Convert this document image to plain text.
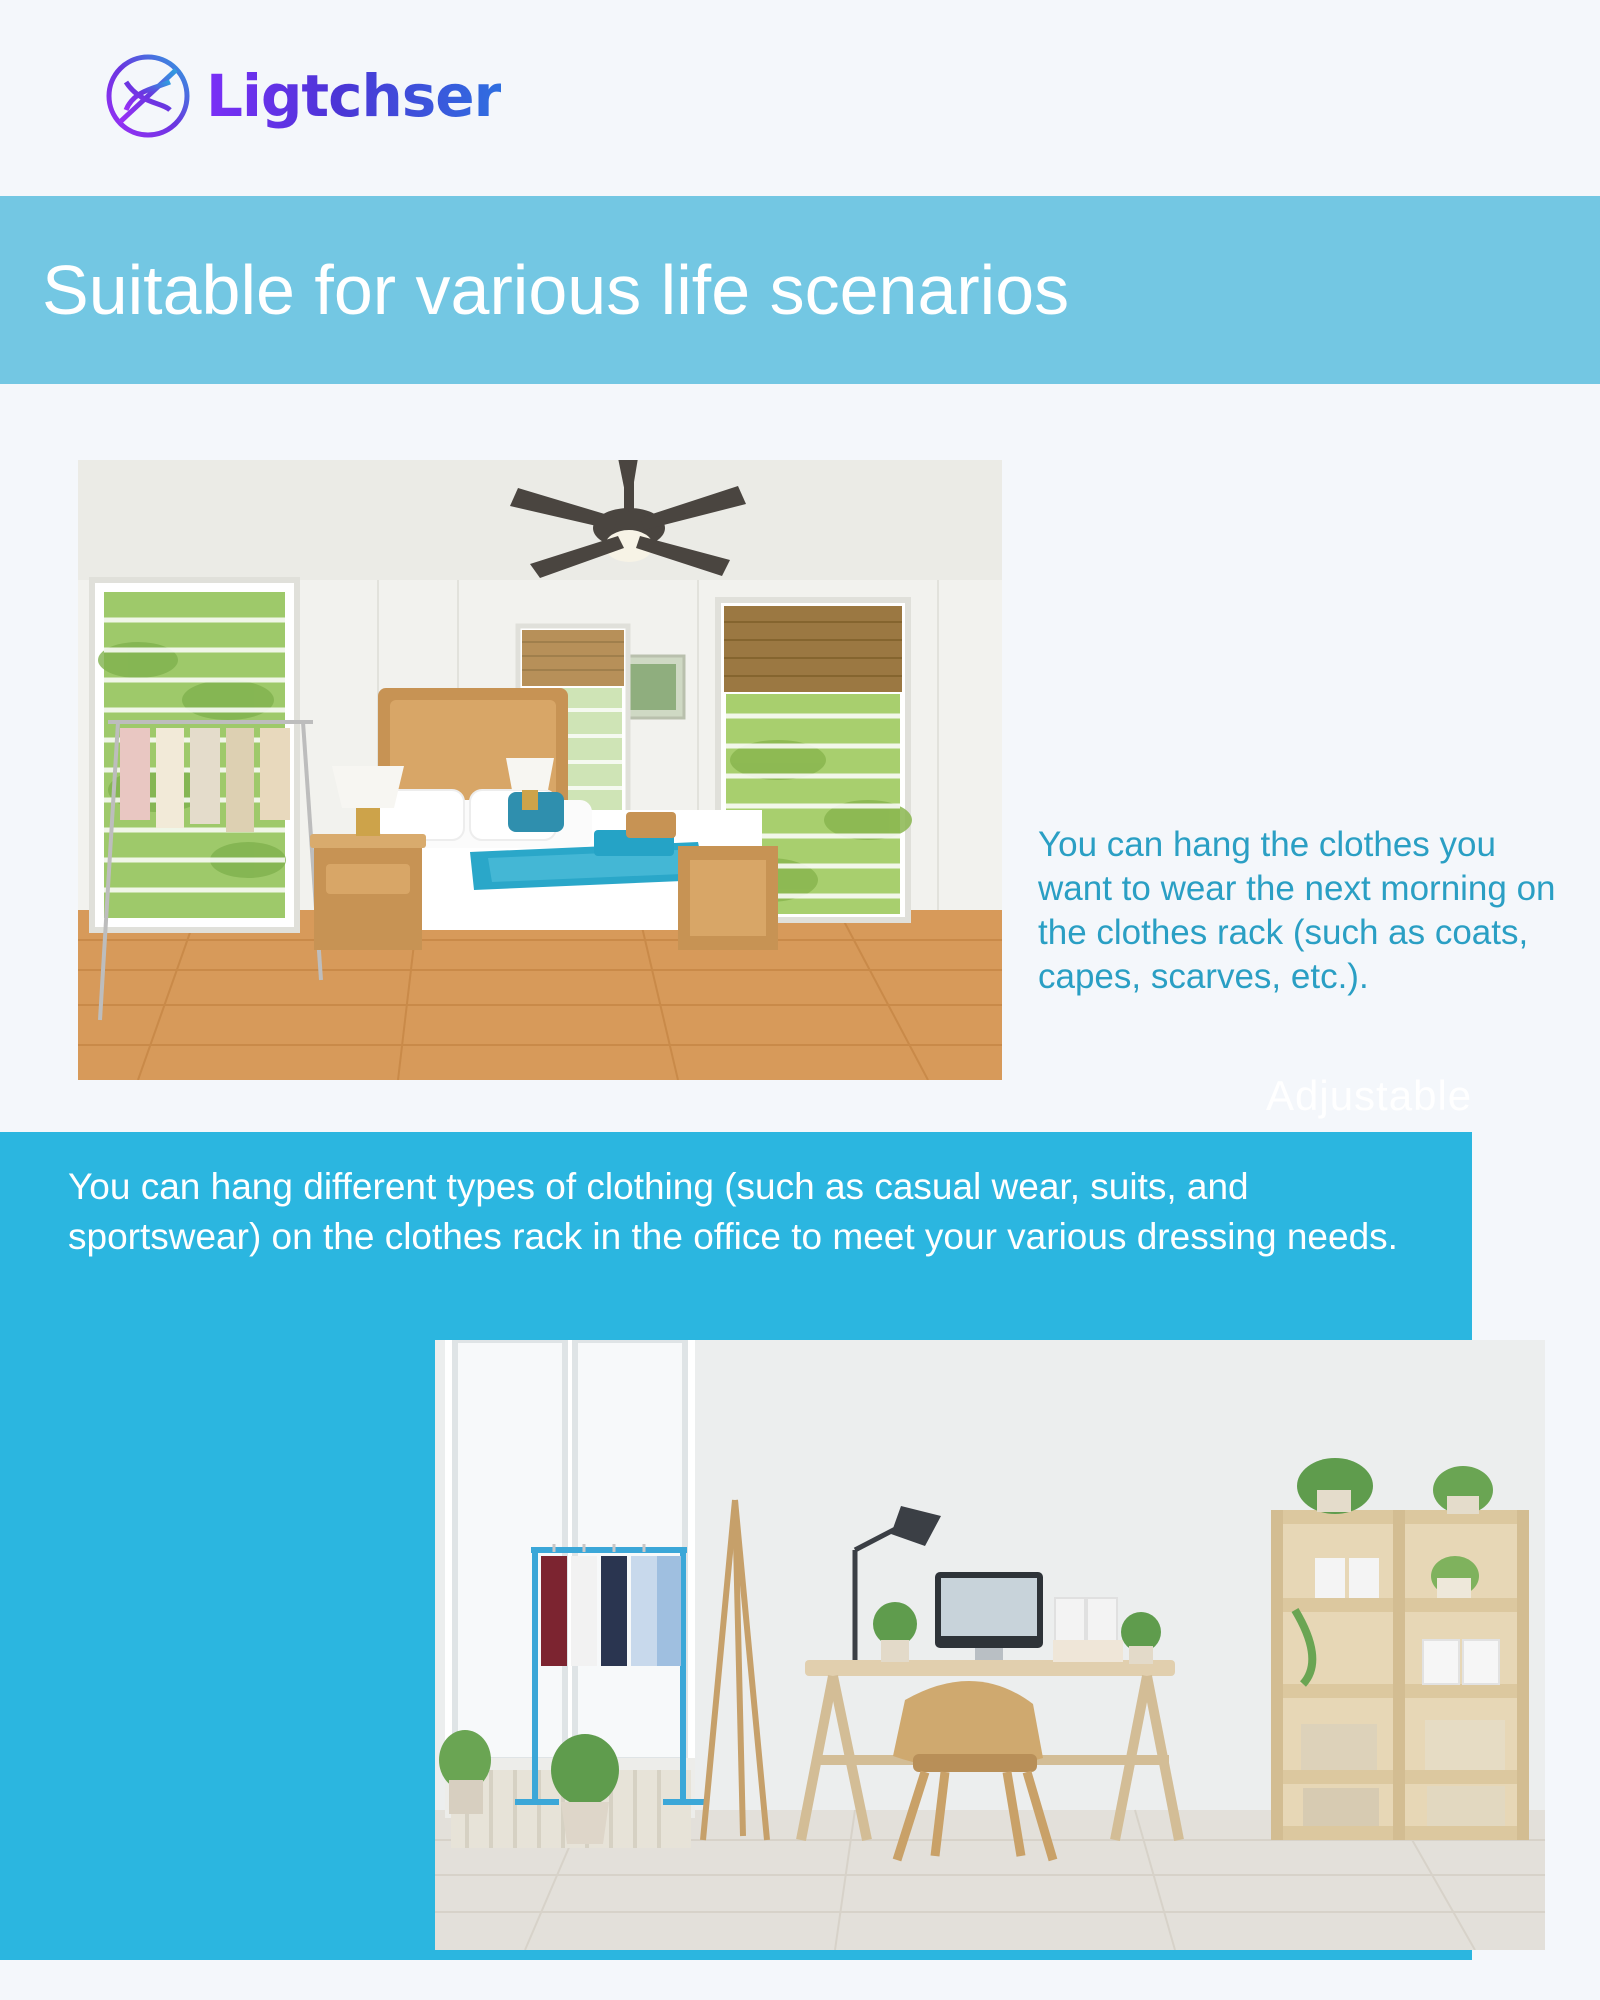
Ligtchser
Suitable for various life scenarios

You can hang the clothes you want to wear the next morning on the clothes rack (such as coats, capes, scarves, etc.).

Adjustable

You can hang different types of clothing (such as casual wear, suits, and sportswear) on the clothes rack in the office to meet your various dressing needs.
